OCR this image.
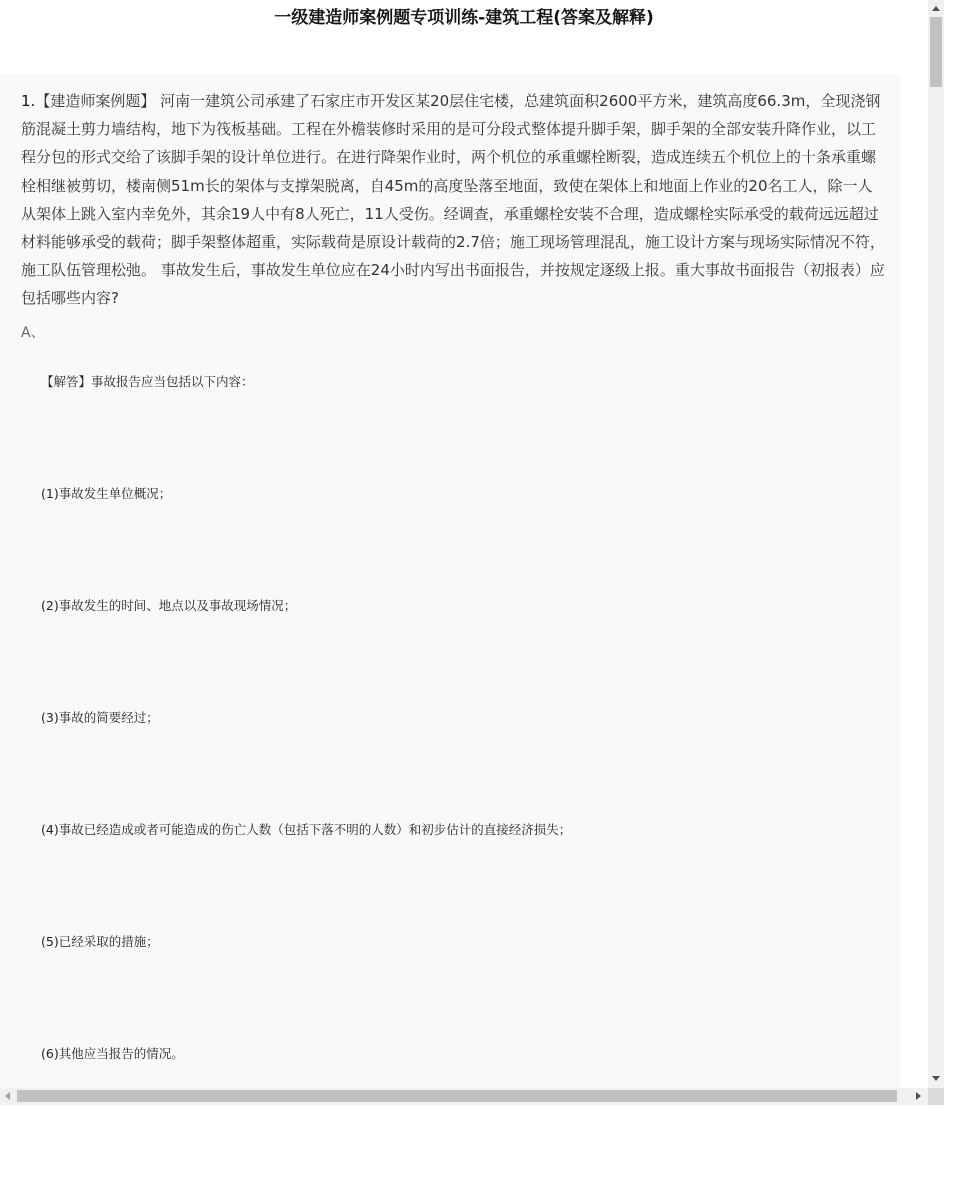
一级建造师案例题专项训练-建筑工程(答案及解释)
1.【建造师案例题】 河南一建筑公司承建了石家庄市开发区某20层住宅楼，总建筑面积2600平方米，建筑高度66.3m，全现浇钢筋混凝土剪力墙结构，地下为筏板基础。工程在外檐装修时采用的是可分段式整体提升脚手架，脚手架的全部安装升降作业，以工程分包的形式交给了该脚手架的设计单位进行。在进行降架作业时，两个机位的承重螺栓断裂，造成连续五个机位上的十条承重螺栓相继被剪切，楼南侧51m长的架体与支撑架脱离，自45m的高度坠落至地面，致使在架体上和地面上作业的20名工人，除一人从架体上跳入室内幸免外，其余19人中有8人死亡，11人受伤。经调查，承重螺栓安装不合理，造成螺栓实际承受的载荷远远超过材料能够承受的载荷；脚手架整体超重，实际载荷是原设计载荷的2.7倍；施工现场管理混乱，施工设计方案与现场实际情况不符，施工队伍管理松弛。 事故发生后，事故发生单位应在24小时内写出书面报告，并按规定逐级上报。重大事故书面报告（初报表）应包括哪些内容?
A、
【解答】事故报告应当包括以下内容：
(1)事故发生单位概况；
(2)事故发生的时间、地点以及事故现场情况；
(3)事故的简要经过；
(4)事故已经造成或者可能造成的伤亡人数（包括下落不明的人数）和初步估计的直接经济损失；
(5)已经采取的措施；
(6)其他应当报告的情况。
